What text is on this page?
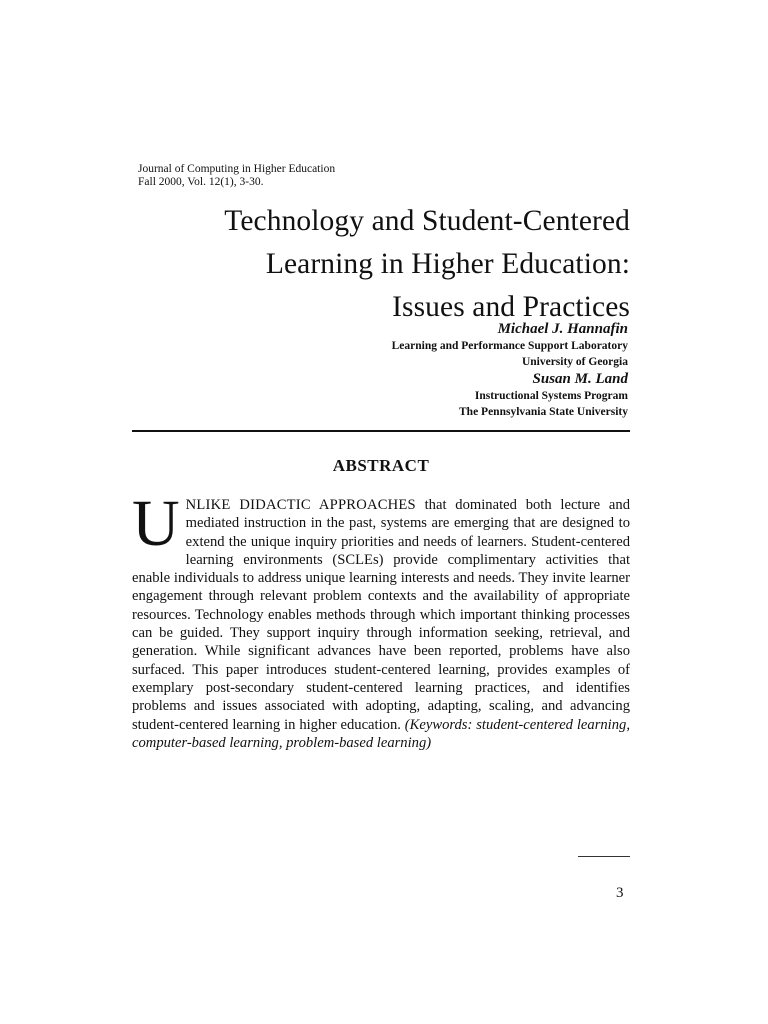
Journal of Computing in Higher Education
Fall 2000, Vol. 12(1), 3-30.
Technology and Student-Centered
Learning in Higher Education:
Issues and Practices
Michael J. Hannafin
Learning and Performance Support Laboratory
University of Georgia
Susan M. Land
Instructional Systems Program
The Pennsylvania State University
ABSTRACT
UNLIKE DIDACTIC APPROACHES that dominated both lecture and mediated instruction in the past, systems are emerging that are designed to extend the unique inquiry priorities and needs of learners. Student-centered learning environments (SCLEs) provide complimentary activities that enable individuals to address unique learning interests and needs. They invite learner engagement through relevant problem contexts and the availability of appropriate resources. Technology enables methods through which important thinking processes can be guided. They support inquiry through information seeking, retrieval, and generation. While significant advances have been reported, problems have also surfaced. This paper introduces student-centered learning, provides examples of exemplary post-secondary student-centered learning practices, and identifies problems and issues associated with adopting, adapting, scaling, and advancing student-centered learning in higher education. (Keywords: student-centered learning, computer-based learning, problem-based learning)
3
